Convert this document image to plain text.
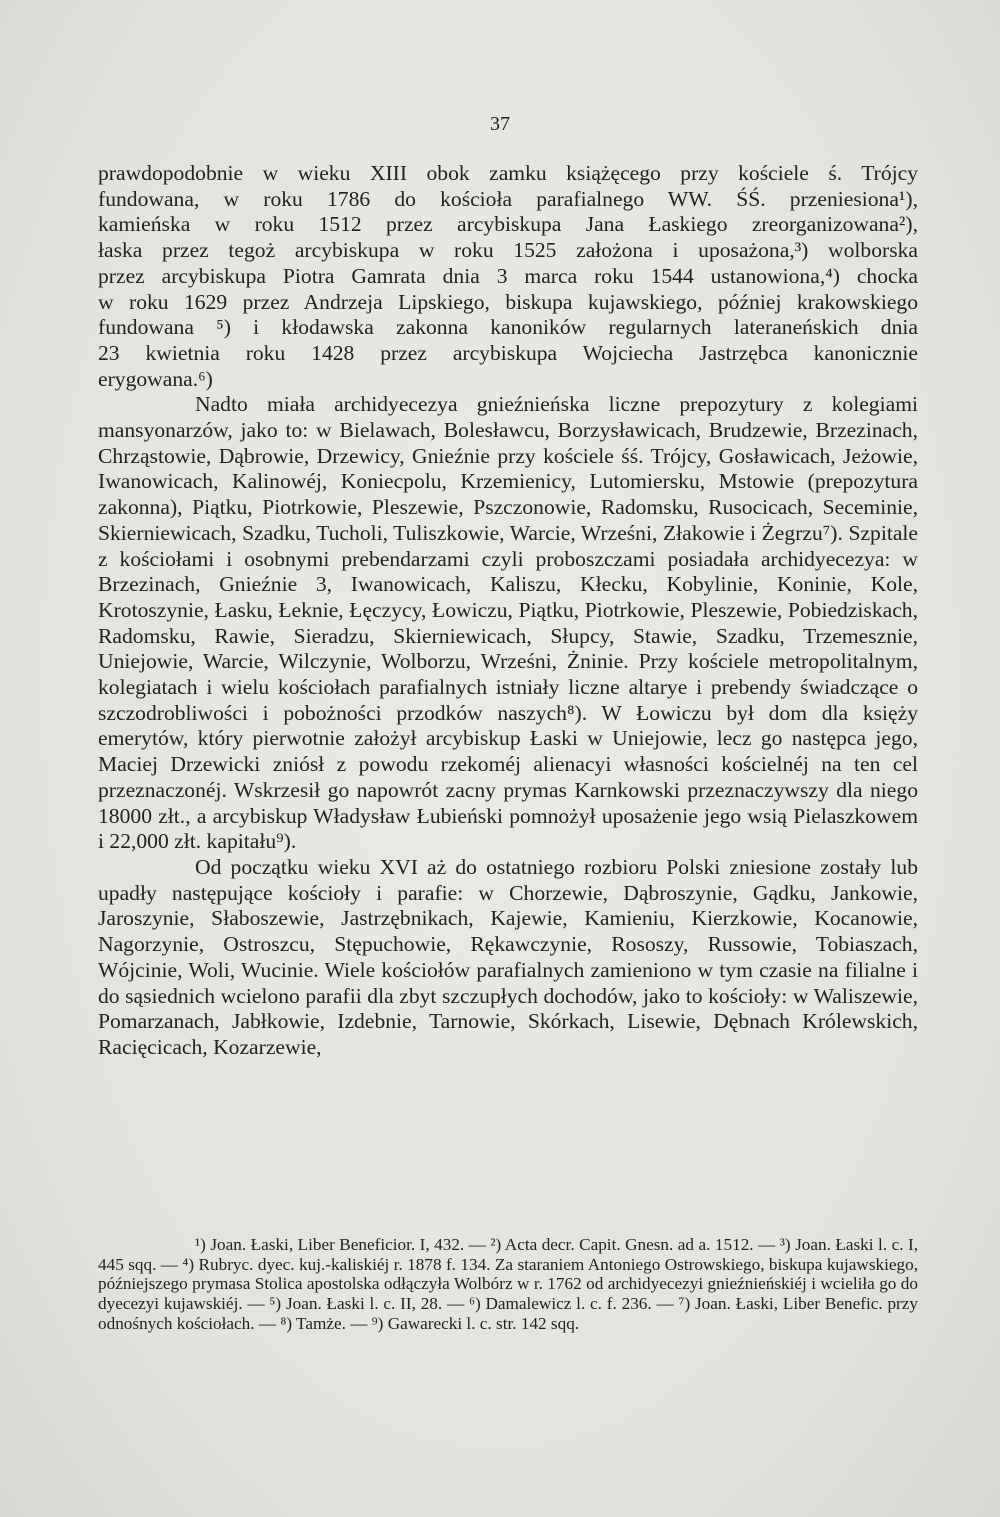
37

prawdopodobnie w wieku XIII obok zamku książęcego przy kościele ś. Trójcy
fundowana, w roku 1786 do kościoła parafialnego WW. ŚŚ. przeniesiona¹),
kamieńska w roku 1512 przez arcybiskupa Jana Łaskiego zreorganizowana²),
łaska przez tegoż arcybiskupa w roku 1525 założona i uposażona,³) wolborska
przez arcybiskupa Piotra Gamrata dnia 3 marca roku 1544 ustanowiona,⁴) chocka
w roku 1629 przez Andrzeja Lipskiego, biskupa kujawskiego, później krakowskiego
fundowana ⁵) i kłodawska zakonna kanoników regularnych lateraneńskich dnia
23 kwietnia roku 1428 przez arcybiskupa Wojciecha Jastrzębca kanonicznie
erygowana.⁶)

Nadto miała archidyecezya gnieźnieńska liczne prepozytury z kolegiami mansyonarzów, jako to: w Bielawach, Bolesławcu, Borzysławicach, Brudzewie, Brzezinach, Chrząstowie, Dąbrowie, Drzewicy, Gnieźnie przy kościele śś. Trójcy, Gosławicach, Jeżowie, Iwanowicach, Kalinowéj, Koniecpolu, Krzemienicy, Lutomiersku, Mstowie (prepozytura zakonna), Piątku, Piotrkowie, Pleszewie, Pszczonowie, Radomsku, Rusocicach, Seceminie, Skierniewicach, Szadku, Tucholi, Tuliszkowie, Warcie, Wrześni, Złakowie i Żegrzu⁷). Szpitale z kościołami i osobnymi prebendarzami czyli proboszczami posiadała archidyecezya: w Brzezinach, Gnieźnie 3, Iwanowicach, Kaliszu, Kłecku, Kobylinie, Koninie, Kole, Krotoszynie, Łasku, Łeknie, Łęczycy, Łowiczu, Piątku, Piotrkowie, Pleszewie, Pobiedziskach, Radomsku, Rawie, Sieradzu, Skierniewicach, Słupcy, Stawie, Szadku, Trzemesznie, Uniejowie, Warcie, Wilczynie, Wolborzu, Wrześni, Żninie. Przy kościele metropolitalnym, kolegiatach i wielu kościołach parafialnych istniały liczne altarye i prebendy świadczące o szczodrobliwości i pobożności przodków naszych⁸). W Łowiczu był dom dla księży emerytów, który pierwotnie założył arcybiskup Łaski w Uniejowie, lecz go następca jego, Maciej Drzewicki zniósł z powodu rzekoméj alienacyi własności kościelnéj na ten cel przeznaczonéj. Wskrzesił go napowrót zacny prymas Karnkowski przeznaczywszy dla niego 18000 złt., a arcybiskup Władysław Łubieński pomnożył uposażenie jego wsią Pielaszkowem i 22,000 złt. kapitału⁹).

Od początku wieku XVI aż do ostatniego rozbioru Polski zniesione zostały lub upadły następujące kościoły i parafie: w Chorzewie, Dąbroszynie, Gądku, Jankowie, Jaroszynie, Słaboszewie, Jastrzębnikach, Kajewie, Kamieniu, Kierzkowie, Kocanowie, Nagorzynie, Ostroszcu, Stępuchowie, Rękawczynie, Rososzy, Russowie, Tobiaszach, Wójcinie, Woli, Wucinie. Wiele kościołów parafialnych zamieniono w tym czasie na filialne i do sąsiednich wcielono parafii dla zbyt szczupłych dochodów, jako to kościoły: w Waliszewie, Pomarzanach, Jabłkowie, Izdebnie, Tarnowie, Skórkach, Lisewie, Dębnach Królewskich, Racięcicach, Kozarzewie,

¹) Joan. Łaski, Liber Beneficior. I, 432. — ²) Acta decr. Capit. Gnesn. ad a. 1512. — ³) Joan. Łaski l. c. I, 445 sqq. — ⁴) Rubryc. dyec. kuj.-kaliskiéj r. 1878 f. 134. Za staraniem Antoniego Ostrowskiego, biskupa kujawskiego, późniejszego prymasa Stolica apostolska odłączyła Wolbórz w r. 1762 od archidyecezyi gnieźnieńskiéj i wcieliła go do dyecezyi kujawskiéj. — ⁵) Joan. Łaski l. c. II, 28. — ⁶) Damalewicz l. c. f. 236. — ⁷) Joan. Łaski, Liber Benefic. przy odnośnych kościołach. — ⁸) Tamże. — ⁹) Gawarecki l. c. str. 142 sqq.
